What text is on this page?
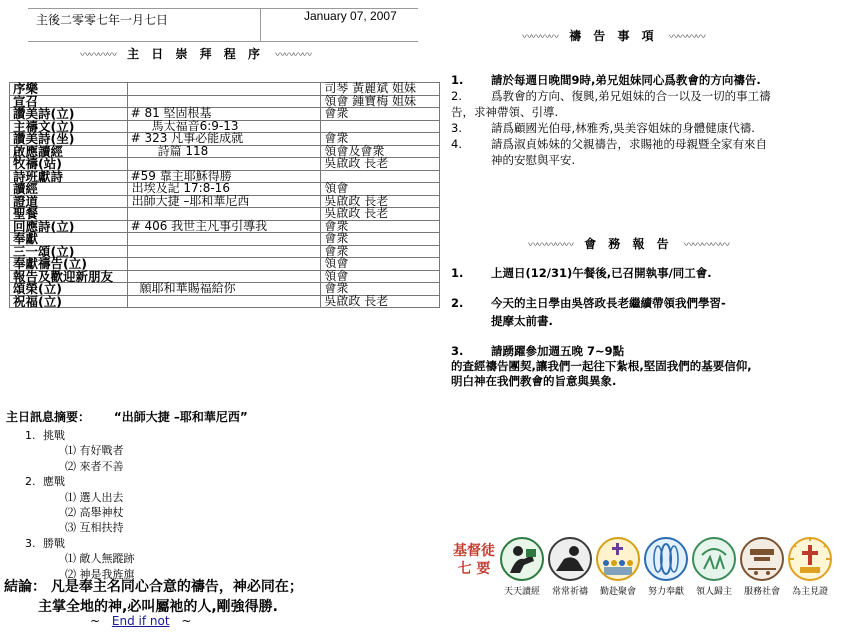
主後二零零七年一月七日	January 07, 2007
〰〰〰〰 主 日 崇 拜 程 序 〰〰〰〰
序樂		司琴 黃麗斌 姐妹
宣召		領會 鍾寶梅 姐妹
讚美詩(立)	# 81 堅固根基	會衆
主禱文(立)	馬太福音6:9-13	
讚美詩(坐)	# 323 凡事必能成就	會衆
啟應讀經	詩篇 118	領會及會衆
牧禱(站)		吳啟政 長老
詩班獻詩	#59 靠主耶穌得勝	
讀經	出埃及記 17:8-16	領會
證道	出師大捷 –耶和華尼西	吳啟政 長老
聖餐		吳啟政 長老
回應詩(立)	# 406 我世主凡事引導我	會衆
奉獻		會衆
三一頌(立)		會衆
奉獻禱告(立)		領會
報告及歡迎新朋友		領會
頌榮(立)	願耶和華賜福給你	會衆
祝福(立)		吳啟政 長老
主日訊息摘要： “出師大捷 –耶和華尼西”
1. 挑戰
⑴ 有好戰者
⑵ 來者不善
2. 應戰
⑴ 選人出去
⑵ 高舉神杖
⑶ 互相扶持
3. 勝戰
⑴ 敵人無蹤跡
⑵ 神是我旌旗
結論： 凡是奉主名同心合意的禱告，神必同在；
主掌全地的神,必叫屬祂的人,剛強得勝.
~ End if not ~
〰〰〰〰 禱 告 事 項 〰〰〰〰
1. 請於每週日晚間9時,弟兄姐妹同心爲教會的方向禱告.
2.	爲教會的方向、復興,弟兄姐妹的合一以及一切的事工禱
告，求神帶領、引導.
3.	請爲顧國光伯母,林雅秀,吳美容姐妹的身體健康代禱.
4.	請爲淑貞姊妹的父親禱告，求賜祂的母親暨全家有來自
神的安慰與平安.
〰〰〰〰〰 會 務 報 告 〰〰〰〰〰
1. 上週日(12/31)午餐後,已召開執事/同工會.
2. 今天的主日學由吳啓政長老繼續帶領我們學習-
提摩太前書.
3. 請踴躍參加週五晚 7~9點
的查經禱告團契,讓我們一起往下紮根,堅固我們的基要信仰,
明白神在我們教會的旨意與異象.
基督徒
七 要
天天讀經	常常祈禱	勤赴聚會	努力奉獻	領人歸主	服務社會	為主見證
